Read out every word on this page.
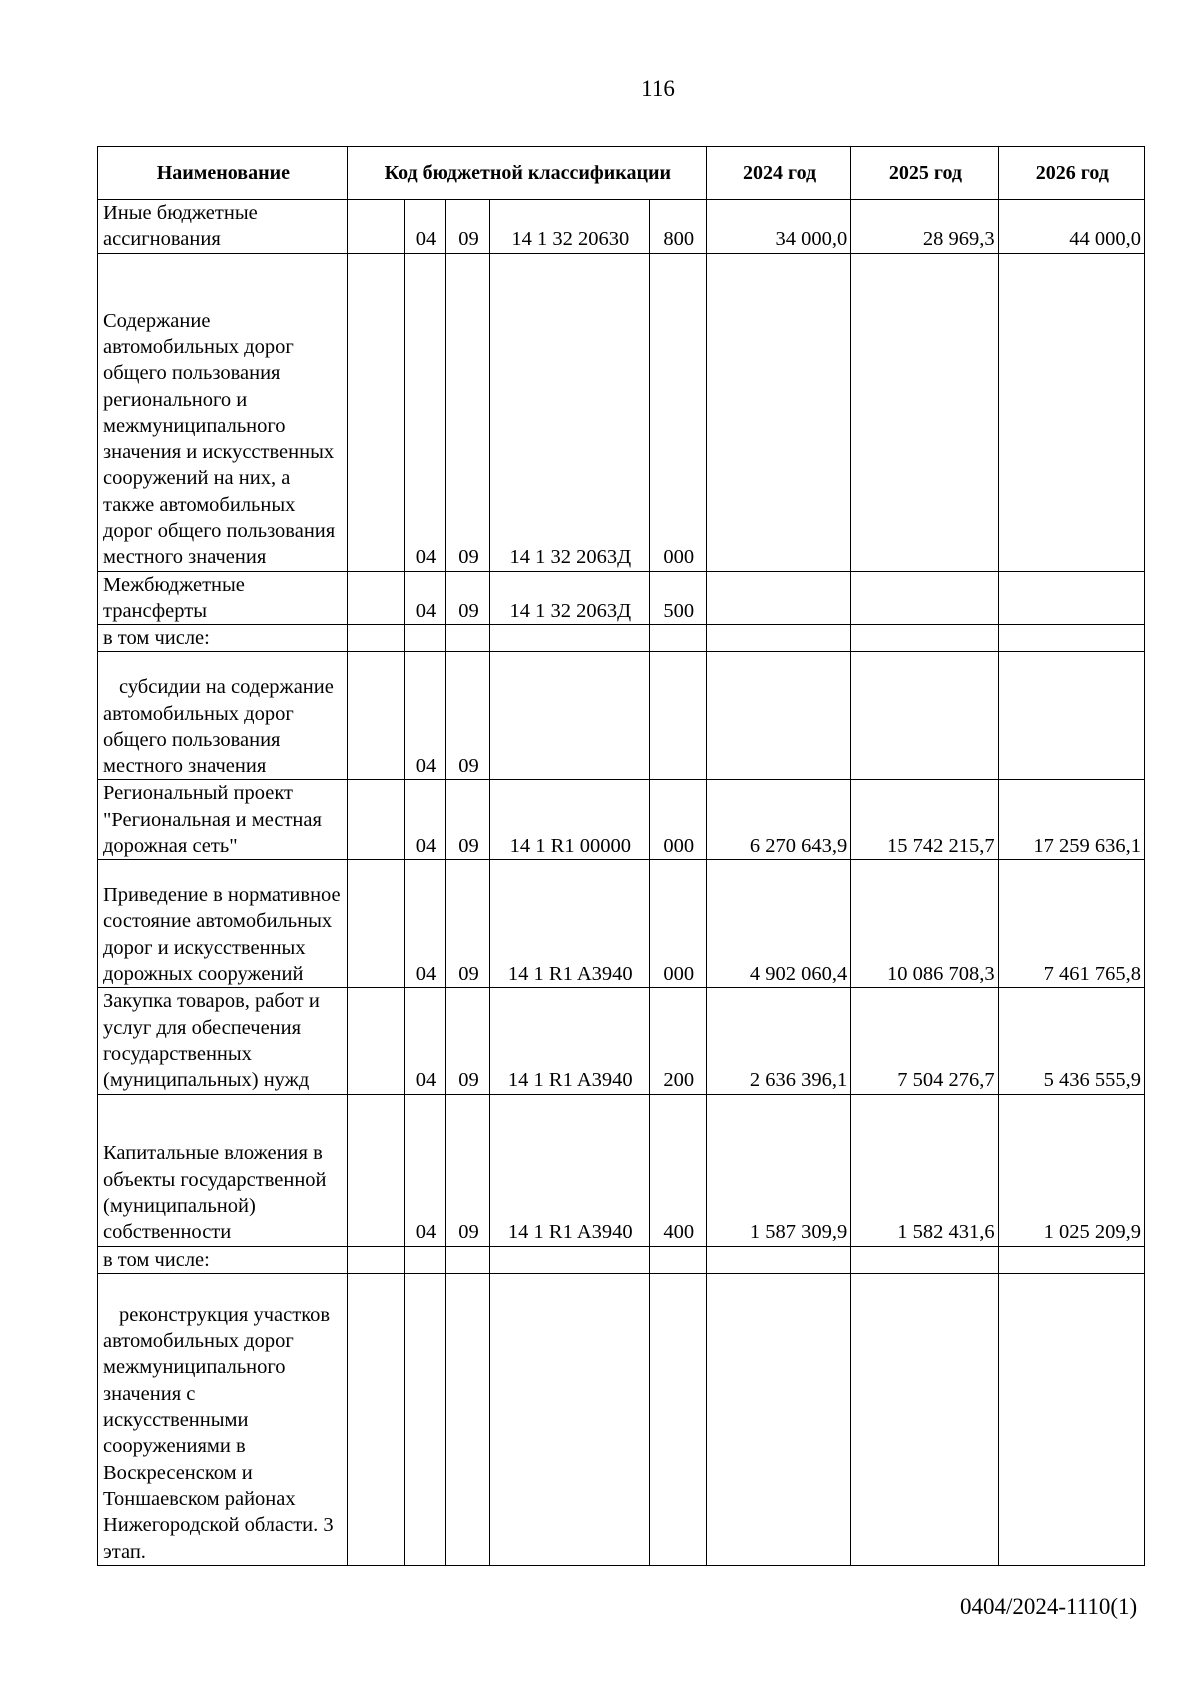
116
Наименование	Код бюджетной классификации					2024 год	2025 год	2026 год
Иные бюджетные ассигнования		04	09	14 1 32 20630	800	34 000,0	28 969,3	44 000,0
Содержание автомобильных дорог общего пользования регионального и межмуниципального значения и искусственных сооружений на них, а также автомобильных дорог общего пользования местного значения		04	09	14 1 32 2063Д	000			
Межбюджетные трансферты		04	09	14 1 32 2063Д	500			
в том числе:								
субсидии на содержание автомобильных дорог общего пользования местного значения		04	09					
Региональный проект "Региональная и местная дорожная сеть"		04	09	14 1 R1 00000	000	6 270 643,9	15 742 215,7	17 259 636,1
Приведение в нормативное состояние автомобильных дорог и искусственных дорожных сооружений		04	09	14 1 R1 A3940	000	4 902 060,4	10 086 708,3	7 461 765,8
Закупка товаров, работ и услуг для обеспечения государственных (муниципальных) нужд		04	09	14 1 R1 A3940	200	2 636 396,1	7 504 276,7	5 436 555,9
Капитальные вложения в объекты государственной (муниципальной) собственности		04	09	14 1 R1 A3940	400	1 587 309,9	1 582 431,6	1 025 209,9
в том числе:								
реконструкция участков автомобильных дорог межмуниципального значения с искусственными сооружениями в Воскресенском и Тоншаевском районах Нижегородской области. 3 этап.								
0404/2024-1110(1)
